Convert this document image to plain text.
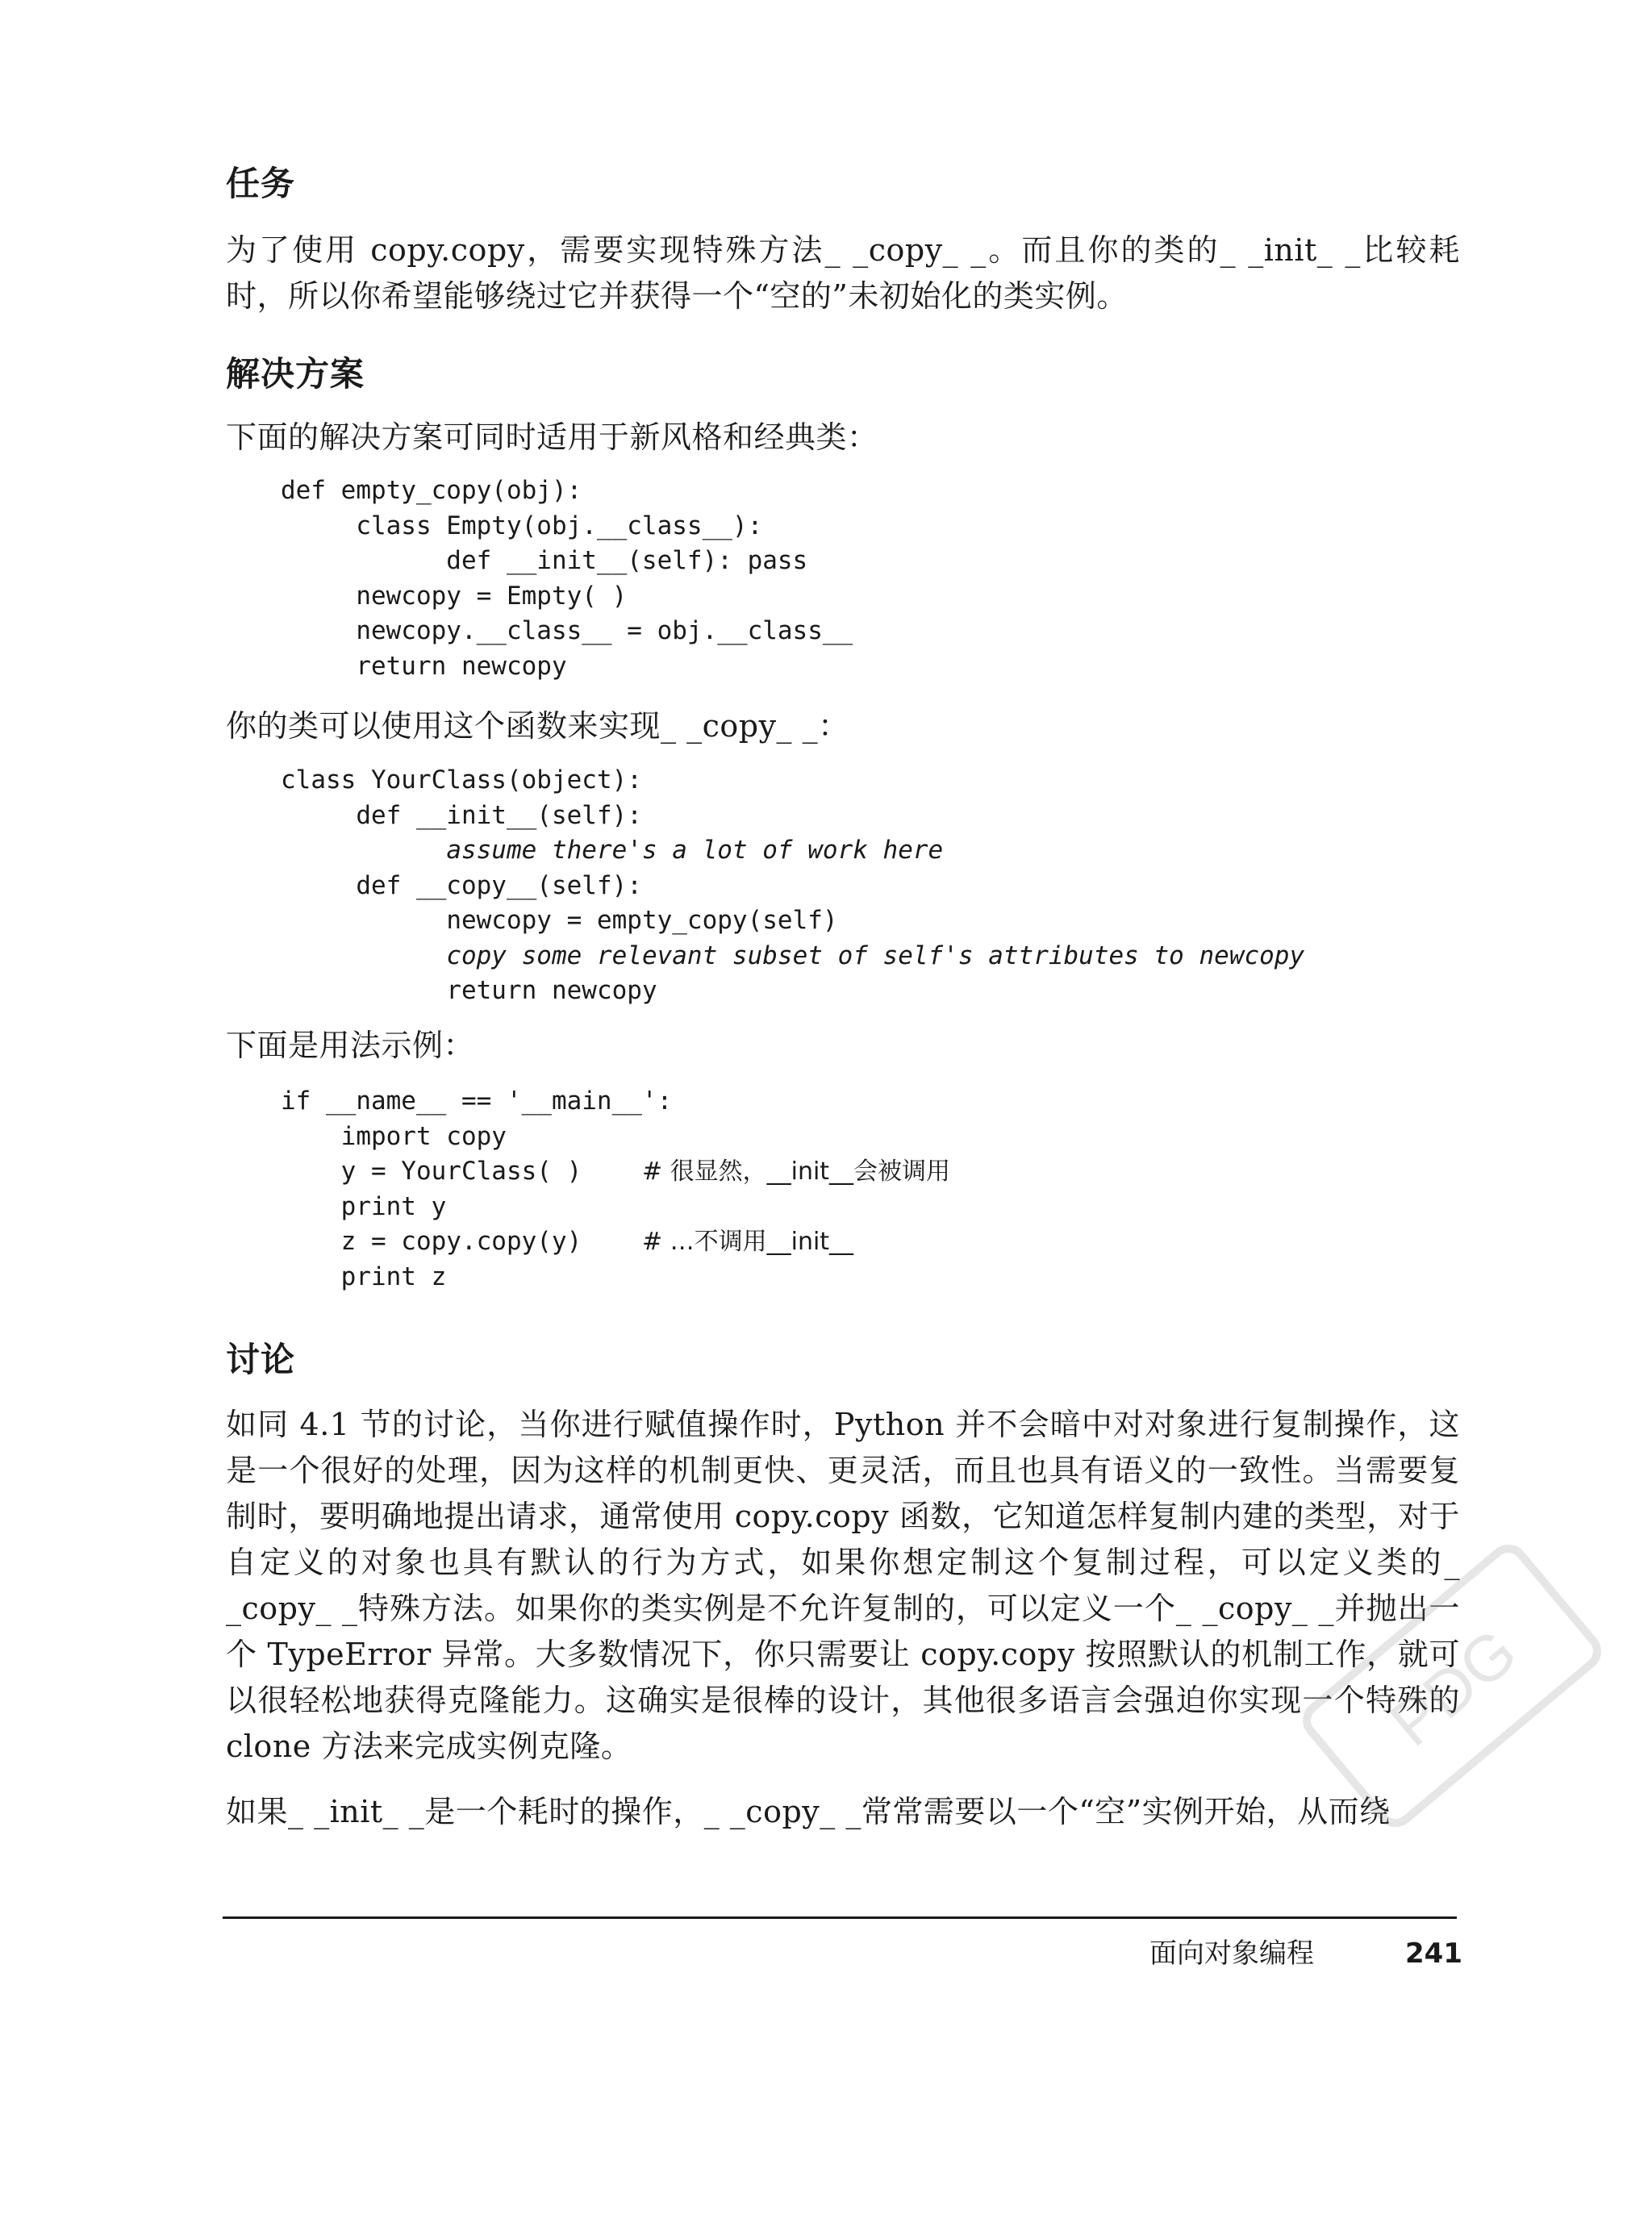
任务

为了使用 copy.copy，需要实现特殊方法_ _copy_ _。而且你的类的_ _init_ _比较耗时，所以你希望能够绕过它并获得一个“空的”未初始化的类实例。

解决方案

下面的解决方案可同时适用于新风格和经典类：

def empty_copy(obj):
class Empty(obj.__class__):
def __init__(self): pass
newcopy = Empty( )
newcopy.__class__ = obj.__class__
return newcopy

你的类可以使用这个函数来实现_ _copy_ _：

class YourClass(object):
def __init__(self):
assume there's a lot of work here
def __copy__(self):
newcopy = empty_copy(self)
copy some relevant subset of self's attributes to newcopy
return newcopy

下面是用法示例：

if __name__ == '__main__':
import copy
y = YourClass( )    # 很显然，__init__会被调用
print y
z = copy.copy(y)    # …不调用__init__
print z
讨论

如同 4.1 节的讨论，当你进行赋值操作时，Python 并不会暗中对对象进行复制操作，这是一个很好的处理，因为这样的机制更快、更灵活，而且也具有语义的一致性。当需要复制时，要明确地提出请求，通常使用 copy.copy 函数，它知道怎样复制内建的类型，对于自定义的对象也具有默认的行为方式，如果你想定制这个复制过程，可以定义类的_ _copy_ _特殊方法。如果你的类实例是不允许复制的，可以定义一个_ _copy_ _并抛出一个 TypeError 异常。大多数情况下，你只需要让 copy.copy 按照默认的机制工作，就可以很轻松地获得克隆能力。这确实是很棒的设计，其他很多语言会强迫你实现一个特殊的 clone 方法来完成实例克隆。

如果_ _init_ _是一个耗时的操作，_ _copy_ _常常需要以一个“空”实例开始，从而绕

面向对象编程	241
PDG
